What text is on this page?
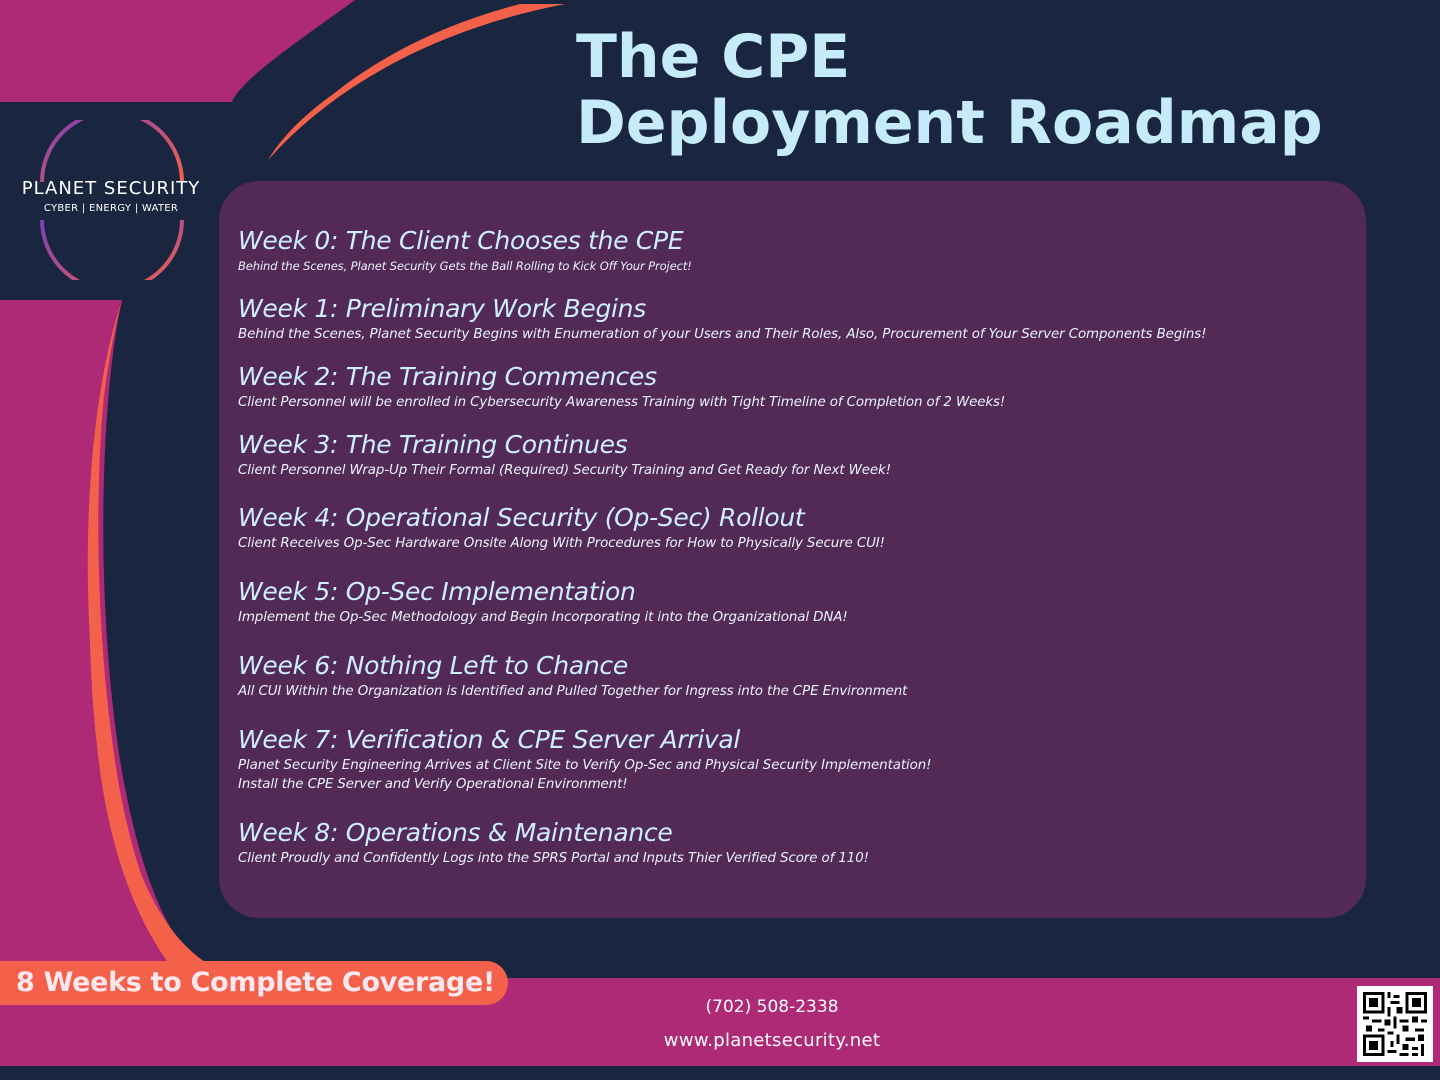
PLANET SECURITY
CYBER | ENERGY | WATER
The CPE
Deployment Roadmap
Week 0: The Client Chooses the CPE

Behind the Scenes, Planet Security Gets the Ball Rolling to Kick Off Your Project!

Week 1: Preliminary Work Begins

Behind the Scenes, Planet Security Begins with Enumeration of your Users and Their Roles, Also, Procurement of Your Server Components Begins!

Week 2: The Training Commences

Client Personnel will be enrolled in Cybersecurity Awareness Training with Tight Timeline of Completion of 2 Weeks!

Week 3: The Training Continues

Client Personnel Wrap-Up Their Formal (Required) Security Training and Get Ready for Next Week!

Week 4: Operational Security (Op-Sec) Rollout

Client Receives Op-Sec Hardware Onsite Along With Procedures for How to Physically Secure CUI!

Week 5: Op-Sec Implementation

Implement the Op-Sec Methodology and Begin Incorporating it into the Organizational DNA!

Week 6: Nothing Left to Chance

All CUI Within the Organization is Identified and Pulled Together for Ingress into the CPE Environment

Week 7: Verification & CPE Server Arrival

Planet Security Engineering Arrives at Client Site to Verify Op-Sec and Physical Security Implementation!

Install the CPE Server and Verify Operational Environment!

Week 8: Operations & Maintenance

Client Proudly and Confidently Logs into the SPRS Portal and Inputs Thier Verified Score of 110!

8 Weeks to Complete Coverage!
(702) 508-2338
www.planetsecurity.net
